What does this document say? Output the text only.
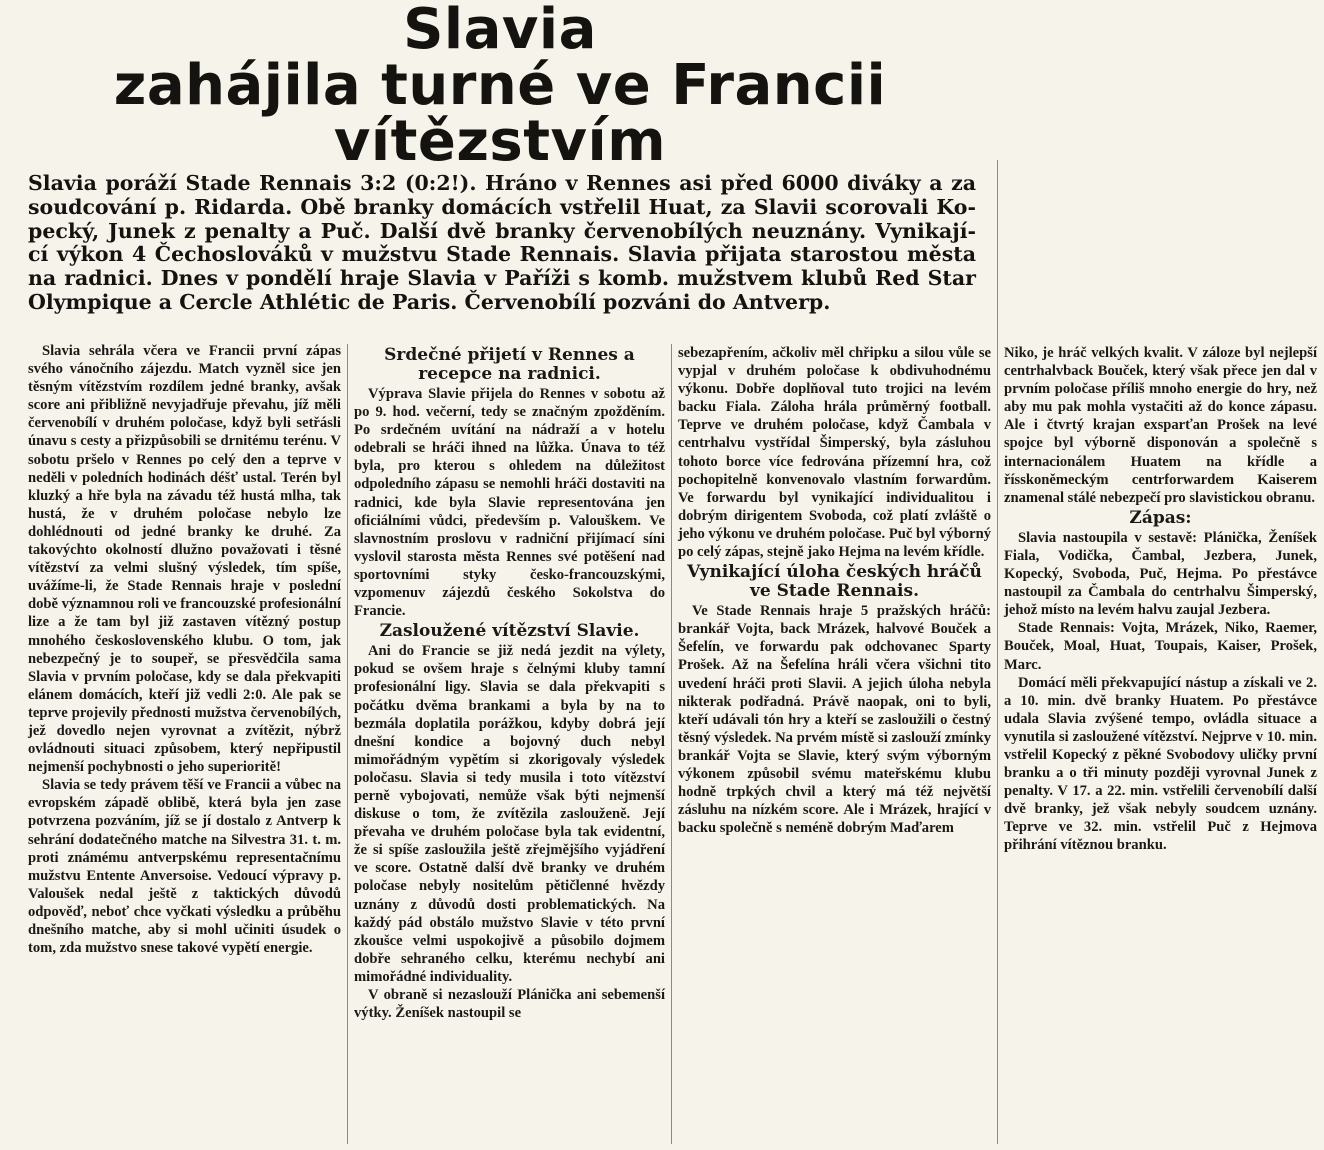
Slavia
zahájila turné ve Francii
vítězstvím
Slavia poráží Stade Rennais 3:2 (0:2!). Hráno v Rennes asi před 6000 diváky a za
soudcování p. Ridarda. Obě branky domácích vstřelil Huat, za Slavii scorovali Ko-
pecký, Junek z penalty a Puč. Další dvě branky červenobílých neuznány. Vynikají-
cí výkon 4 Čechoslováků v mužstvu Stade Rennais. Slavia přijata starostou města
na radnici. Dnes v pondělí hraje Slavia v Paříži s komb. mužstvem klubů Red Star
Olympique a Cercle Athlétic de Paris. Červenobílí pozváni do Antverp.

Slavia sehrála včera ve Francii první zápas svého vánočního zájezdu. Match vyzněl sice jen těsným vítězstvím rozdílem jedné branky, avšak score ani přibližně nevyjadřuje převahu, jíž měli červenobílí v druhém poločase, když byli setřásli únavu s cesty a přizpůsobili se drnitému terénu. V sobotu pršelo v Rennes po celý den a teprve v neděli v poledních hodinách déšť ustal. Terén byl kluzký a hře byla na závadu též hustá mlha, tak hustá, že v druhém poločase nebylo lze dohlédnouti od jedné branky ke druhé. Za takovýchto okolností dlužno považovati i těsné vítězství za velmi slušný výsledek, tím spíše, uvážíme-li, že Stade Rennais hraje v poslední době významnou roli ve francouzské profesionální lize a že tam byl již zastaven vítězný postup mnohého československého klubu. O tom, jak nebezpečný je to soupeř, se přesvědčila sama Slavia v prvním poločase, kdy se dala překvapiti elánem domácích, kteří již vedli 2:0. Ale pak se teprve projevily přednosti mužstva červenobílých, jež dovedlo nejen vyrovnat a zvítězit, nýbrž ovládnouti situaci způsobem, který nepřipustil nejmenší pochybnosti o jeho superioritě!

Slavia se tedy právem těší ve Francii a vůbec na evropském západě oblibě, která byla jen zase potvrzena pozváním, jíž se jí dostalo z Antverp k sehrání dodatečného matche na Silvestra 31. t. m. proti známému antverpskému representačnímu mužstvu Entente Anversoise. Vedoucí výpravy p. Valoušek nedal ještě z taktických důvodů odpověď, neboť chce vyčkati výsledku a průběhu dnešního matche, aby si mohl učiniti úsudek o tom, zda mužstvo snese takové vypětí energie.

Srdečné přijetí v Rennes a recepce na radnici.

Výprava Slavie přijela do Rennes v sobotu až po 9. hod. večerní, tedy se značným zpožděním. Po srdečném uvítání na nádraží a v hotelu odebrali se hráči ihned na lůžka. Únava to též byla, pro kterou s ohledem na důležitost odpoledního zápasu se nemohli hráči dostaviti na radnici, kde byla Slavie representována jen oficiálními vůdci, především p. Valouškem. Ve slavnostním proslovu v radniční přijímací síni vyslovil starosta města Rennes své potěšení nad sportovními styky česko-francouzskými, vzpomenuv zájezdů českého Sokolstva do Francie.

Zasloužené vítězství Slavie.

Ani do Francie se již nedá jezdit na výlety, pokud se ovšem hraje s čelnými kluby tamní profesionální ligy. Slavia se dala překvapiti s počátku dvěma brankami a byla by na to bezmála doplatila porážkou, kdyby dobrá její dnešní kondice a bojovný duch nebyl mimořádným vypětím si zkorigovaly výsledek poločasu. Slavia si tedy musila i toto vítězství perně vybojovati, nemůže však býti nejmenší diskuse o tom, že zvítězila zaslouženě. Její převaha ve druhém poločase byla tak evidentní, že si spíše zasloužila ještě zřejmějšího vyjádření ve score. Ostatně další dvě branky ve druhém poločase nebyly nositelům pětičlenné hvězdy uznány z důvodů dosti problematických. Na každý pád obstálo mužstvo Slavie v této první zkoušce velmi uspokojivě a působilo dojmem dobře sehraného celku, kterému nechybí ani mimořádné individuality.

V obraně si nezaslouží Plánička ani sebemenší výtky. Ženíšek nastoupil se

sebezapřením, ačkoliv měl chřipku a silou vůle se vypjal v druhém poločase k obdivuhodnému výkonu. Dobře doplňoval tuto trojici na levém backu Fiala. Záloha hrála průměrný football. Teprve ve druhém poločase, když Čambala v centrhalvu vystřídal Šimperský, byla zásluhou tohoto borce více fedrována přízemní hra, což pochopitelně konvenovalo vlastním forwardům. Ve forwardu byl vynikající individualitou i dobrým dirigentem Svoboda, což platí zvláště o jeho výkonu ve druhém poločase. Puč byl výborný po celý zápas, stejně jako Hejma na levém křídle.

Vynikající úloha českých hráčů ve Stade Rennais.

Ve Stade Rennais hraje 5 pražských hráčů: brankář Vojta, back Mrázek, halvové Bouček a Šefelín, ve forwardu pak odchovanec Sparty Prošek. Až na Šefelína hráli včera všichni tito uvedení hráči proti Slavii. A jejich úloha nebyla nikterak podřadná. Právě naopak, oni to byli, kteří udávali tón hry a kteří se zasloužili o čestný těsný výsledek. Na prvém místě si zaslouží zmínky brankář Vojta se Slavie, který svým výborným výkonem způsobil svému mateřskému klubu hodně trpkých chvil a který má též největší zásluhu na nízkém score. Ale i Mrázek, hrající v backu společně s neméně dobrým Maďarem

Niko, je hráč velkých kvalit. V záloze byl nejlepší centrhalvback Bouček, který však přece jen dal v prvním poločase příliš mnoho energie do hry, než aby mu pak mohla vystačiti až do konce zápasu. Ale i čtvrtý krajan exsparťan Prošek na levé spojce byl výborně disponován a společně s internacionálem Huatem na křídle a řísskoněmeckým centrforwardem Kaiserem znamenal stálé nebezpečí pro slavistickou obranu.

Zápas:

Slavia nastoupila v sestavě: Plánička, Ženíšek Fiala, Vodička, Čambal, Jezbera, Junek, Kopecký, Svoboda, Puč, Hejma. Po přestávce nastoupil za Čambala do centrhalvu Šimperský, jehož místo na levém halvu zaujal Jezbera.

Stade Rennais: Vojta, Mrázek, Niko, Raemer, Bouček, Moal, Huat, Toupais, Kaiser, Prošek, Marc.

Domácí měli překvapující nástup a získali ve 2. a 10. min. dvě branky Huatem. Po přestávce udala Slavia zvýšené tempo, ovládla situace a vynutila si zasloužené vítězství. Nejprve v 10. min. vstřelil Kopecký z pěkné Svobodovy uličky první branku a o tři minuty později vyrovnal Junek z penalty. V 17. a 22. min. vstřelili červenobílí další dvě branky, jež však nebyly soudcem uznány. Teprve ve 32. min. vstřelil Puč z Hejmova přihrání vítěznou branku.
